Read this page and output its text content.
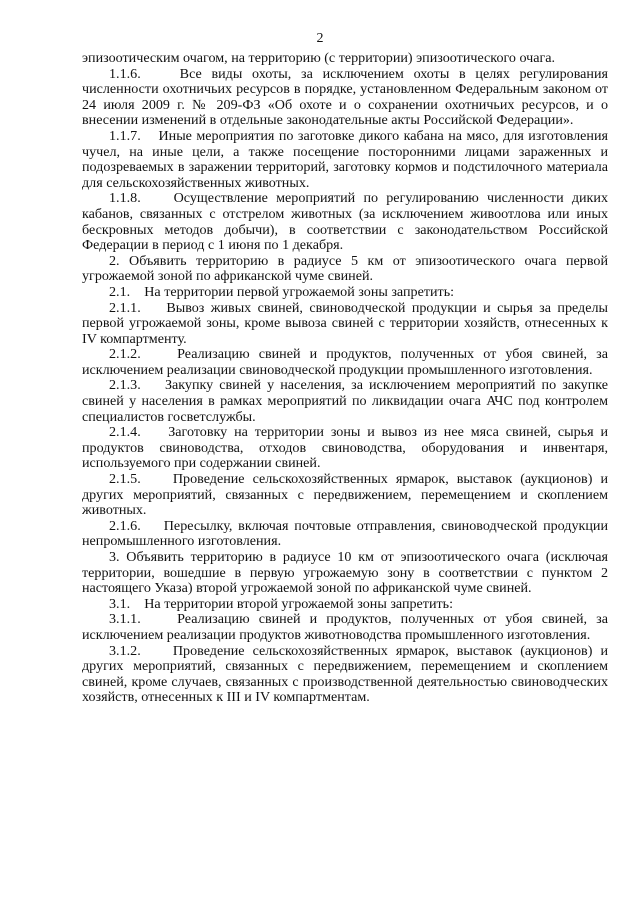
2

эпизоотическим очагом, на территорию (с территории) эпизоотического очага.

1.1.6.    Все виды охоты, за исключением охоты в целях регулирования численности охотничьих ресурсов в порядке, установленном Федеральным законом от 24 июля 2009 г. № 209-ФЗ «Об охоте и о сохранении охотничьих ресурсов, и о внесении изменений в отдельные законодательные акты Российской Федерации».

1.1.7.    Иные мероприятия по заготовке дикого кабана на мясо, для изготовления чучел, на иные цели, а также посещение посторонними лицами зараженных и подозреваемых в заражении территорий, заготовку кормов и подстилочного материала для сельскохозяйственных животных.

1.1.8.    Осуществление мероприятий по регулированию численности диких кабанов, связанных с отстрелом животных (за исключением живоотлова или иных бескровных методов добычи), в соответствии с законодательством Российской Федерации в период с 1 июня по 1 декабря.

2. Объявить территорию в радиусе 5 км от эпизоотического очага первой угрожаемой зоной по африканской чуме свиней.

2.1.    На территории первой угрожаемой зоны запретить:

2.1.1.    Вывоз живых свиней, свиноводческой продукции и сырья за пределы первой угрожаемой зоны, кроме вывоза свиней с территории хозяйств, отнесенных к IV компартменту.

2.1.2.    Реализацию свиней и продуктов, полученных от убоя свиней, за исключением реализации свиноводческой продукции промышленного изготовления.

2.1.3.    Закупку свиней у населения, за исключением мероприятий по закупке свиней у населения в рамках мероприятий по ликвидации очага АЧС под контролем специалистов госветслужбы.

2.1.4.    Заготовку на территории зоны и вывоз из нее мяса свиней, сырья и продуктов свиноводства, отходов свиноводства, оборудования и инвентаря, используемого при содержании свиней.

2.1.5.    Проведение сельскохозяйственных ярмарок, выставок (аукционов) и других мероприятий, связанных с передвижением, перемещением и скоплением животных.

2.1.6.    Пересылку, включая почтовые отправления, свиноводческой продукции непромышленного изготовления.

3. Объявить территорию в радиусе 10 км от эпизоотического очага (исключая территории, вошедшие в первую угрожаемую зону в соответствии с пунктом 2 настоящего Указа) второй угрожаемой зоной по африканской чуме свиней.

3.1.    На территории второй угрожаемой зоны запретить:

3.1.1.    Реализацию свиней и продуктов, полученных от убоя свиней, за исключением реализации продуктов животноводства промышленного изготовления.

3.1.2.    Проведение сельскохозяйственных ярмарок, выставок (аукционов) и других мероприятий, связанных с передвижением, перемещением и скоплением свиней, кроме случаев, связанных с производственной деятельностью свиноводческих хозяйств, отнесенных к III и IV компартментам.
